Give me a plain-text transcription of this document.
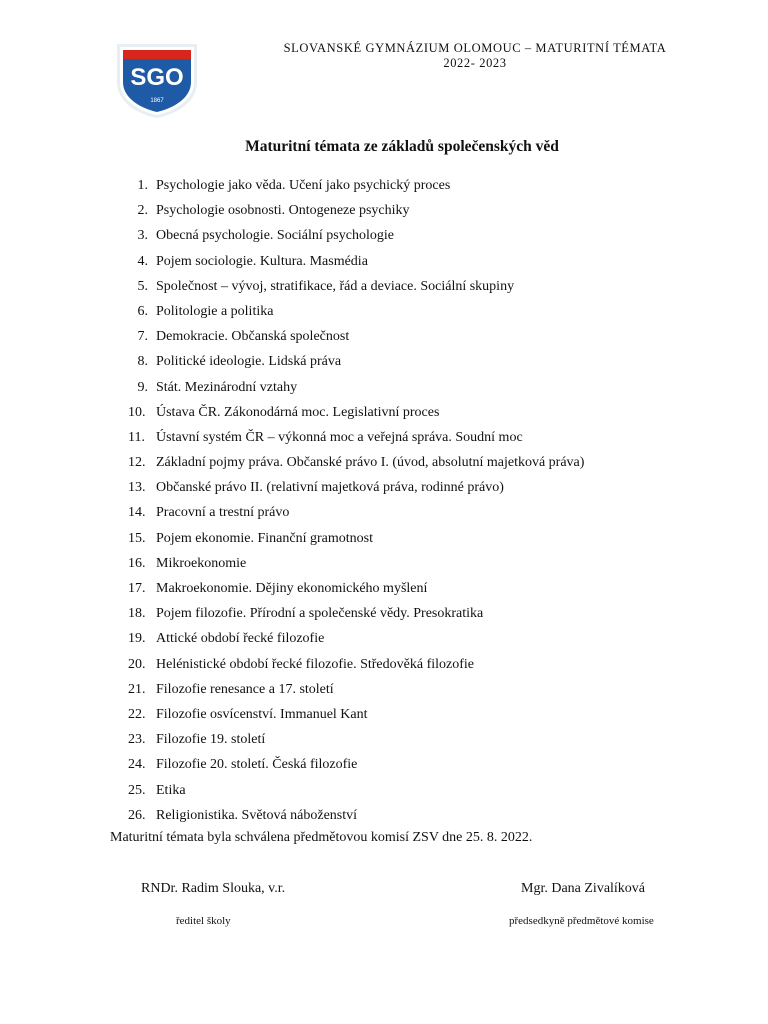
SGO
1867
SLOVANSKÉ GYMNÁZIUM OLOMOUC – MATURITNÍ TÉMATA
2022- 2023
Maturitní témata ze základů společenských věd
1. Psychologie jako věda. Učení jako psychický proces
2. Psychologie osobnosti. Ontogeneze psychiky
3. Obecná psychologie. Sociální psychologie
4. Pojem sociologie. Kultura. Masmédia
5. Společnost – vývoj, stratifikace, řád a deviace. Sociální skupiny
6. Politologie a politika
7. Demokracie. Občanská společnost
8. Politické ideologie. Lidská práva
9. Stát. Mezinárodní vztahy
10. Ústava ČR. Zákonodárná moc. Legislativní proces
11. Ústavní systém ČR – výkonná moc a veřejná správa. Soudní moc
12. Základní pojmy práva. Občanské právo I. (úvod, absolutní majetková práva)
13. Občanské právo II. (relativní majetková práva, rodinné právo)
14. Pracovní a trestní právo
15. Pojem ekonomie. Finanční gramotnost
16. Mikroekonomie
17. Makroekonomie. Dějiny ekonomického myšlení
18. Pojem filozofie. Přírodní a společenské vědy. Presokratika
19. Attické období řecké filozofie
20. Helénistické období řecké filozofie. Středověká filozofie
21. Filozofie renesance a 17. století
22. Filozofie osvícenství. Immanuel Kant
23. Filozofie 19. století
24. Filozofie 20. století. Česká filozofie
25. Etika
26. Religionistika. Světová náboženství
Maturitní témata byla schválena předmětovou komisí ZSV dne 25. 8. 2022.
RNDr. Radim Slouka, v.r.	Mgr. Dana Zivalíková
ředitel školy	předsedkyně předmětové komise
